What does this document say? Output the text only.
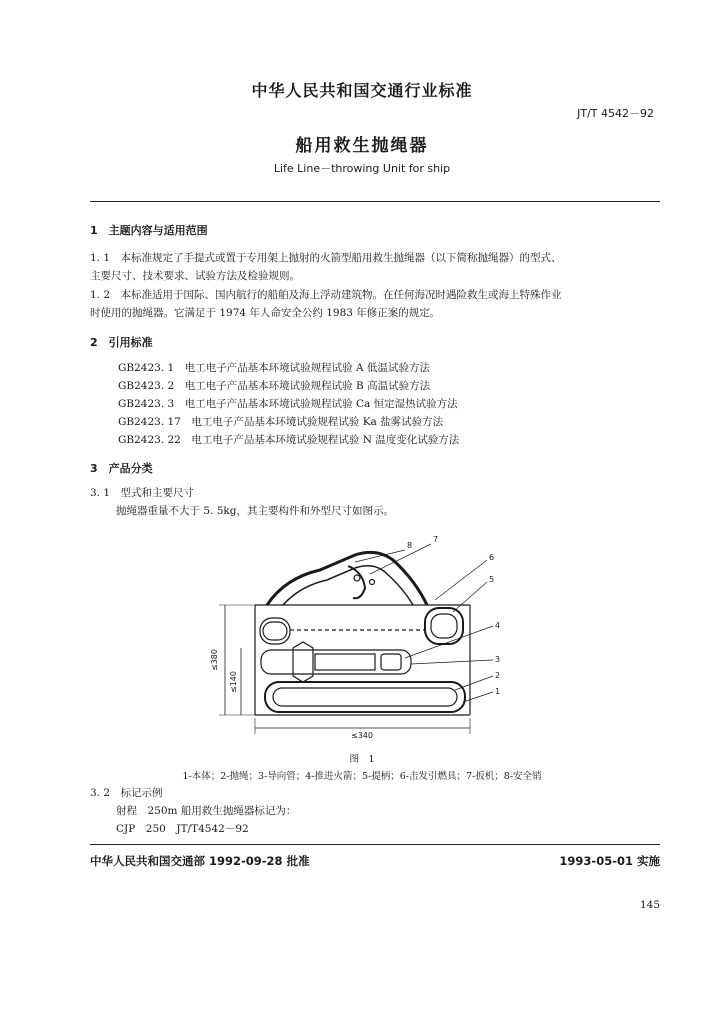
中华人民共和国交通行业标准
JT/T 4542－92
船用救生抛绳器
Life Line－throwing Unit for ship
1　主题内容与适用范围
1. 1　本标准规定了手提式或置于专用架上抛射的火箭型船用救生抛绳器（以下简称抛绳器）的型式、
主要尺寸、技术要求、试验方法及检验规则。
1. 2　本标准适用于国际、国内航行的船舶及海上浮动建筑物。在任何海况时遇险救生或海上特殊作业
时使用的抛绳器。它满足于 1974 年人命安全公约 1983 年修正案的规定。
2　引用标准
GB2423. 1　电工电子产品基本环境试验规程试验 A 低温试验方法
GB2423. 2　电工电子产品基本环境试验规程试验 B 高温试验方法
GB2423. 3　电工电子产品基本环境试验规程试验 Ca 恒定湿热试验方法
GB2423. 17　电工电子产品基本环境试验规程试验 Ka 盐雾试验方法
GB2423. 22　电工电子产品基本环境试验规程试验 N 温度变化试验方法
3　产品分类
3. 1　型式和主要尺寸
抛绳器重量不大于 5. 5kg，其主要构件和外型尺寸如图示。
≤380
≤140
≤340
8
7
6
5
4
3
2
1
图　1
1-本体；2-抛绳；3-导向管；4-推进火箭；5-提柄；6-击发引燃具；7-扳机；8-安全销
3. 2　标记示例
射程　250m 船用救生抛绳器标记为：
CJP　250　JT/T4542－92
中华人民共和国交通部 1992-09-28 批准	1993-05-01 实施
145
